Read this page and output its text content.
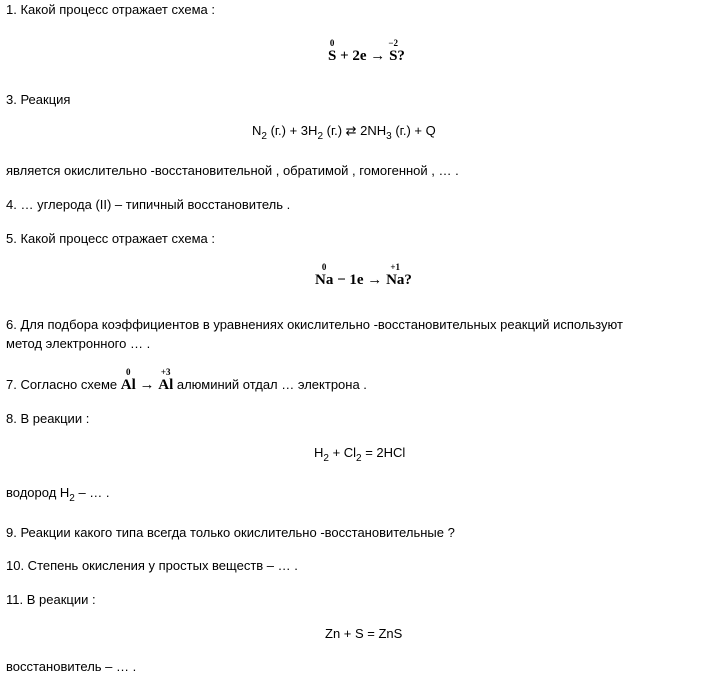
1. Какой процесс отражает схема :
0
S + 2e →
−2
S?
3. Реакция
$N_2$ $(г.) + 3H_2$ (г.) ⇄ $2NH_3$ (г.) + Q
является окислительно -восстановительной , обратимой , гомогенной , … .
4. … углерода (II) – типичный восстановитель .
5. Какой процесс отражает схема :
0
Na − 1e →
+1
Na?
6. Для подбора коэффициентов в уравнениях окислительно -восстановительных реакций используют
метод электронного … .
7. Согласно схеме
0
Al →
+3
Al алюминий отдал … электрона .
8. В реакции :
$H_2 + Cl_2 = 2HCl$
водород $H_2$ – … .
9. Реакции какого типа всегда только окислительно -восстановительные ?
10. Степень окисления у простых веществ – … .
11. В реакции :
Zn + S = ZnS
восстановитель – … .
